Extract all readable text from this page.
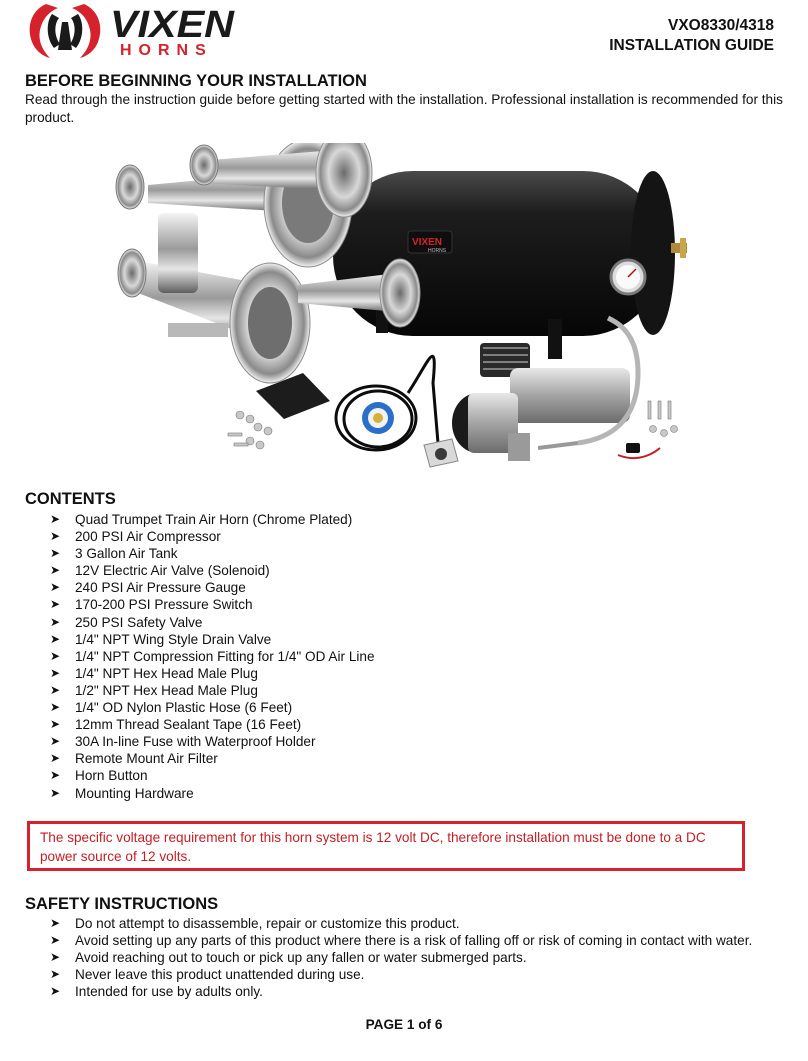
VIXEN
HORNS
VXO8330/4318
INSTALLATION GUIDE
BEFORE BEGINNING YOUR INSTALLATION

Read through the instruction guide before getting started with the installation. Professional installation is recommended for this product.

VIXEN
HORNS
CONTENTS
➤ Quad Trumpet Train Air Horn (Chrome Plated)
➤ 200 PSI Air Compressor
➤ 3 Gallon Air Tank
➤ 12V Electric Air Valve (Solenoid)
➤ 240 PSI Air Pressure Gauge
➤ 170-200 PSI Pressure Switch
➤ 250 PSI Safety Valve
➤ 1/4" NPT Wing Style Drain Valve
➤ 1/4" NPT Compression Fitting for 1/4" OD Air Line
➤ 1/4" NPT Hex Head Male Plug
➤ 1/2" NPT Hex Head Male Plug
➤ 1/4" OD Nylon Plastic Hose (6 Feet)
➤ 12mm Thread Sealant Tape (16 Feet)
➤ 30A In-line Fuse with Waterproof Holder
➤ Remote Mount Air Filter
➤ Horn Button
➤ Mounting Hardware
The specific voltage requirement for this horn system is 12 volt DC, therefore installation must be done to a DC power source of 12 volts.
SAFETY INSTRUCTIONS
➤ Do not attempt to disassemble, repair or customize this product.
➤ Avoid setting up any parts of this product where there is a risk of falling off or risk of coming in contact with water.
➤ Avoid reaching out to touch or pick up any fallen or water submerged parts.
➤ Never leave this product unattended during use.
➤ Intended for use by adults only.
PAGE 1 of 6
